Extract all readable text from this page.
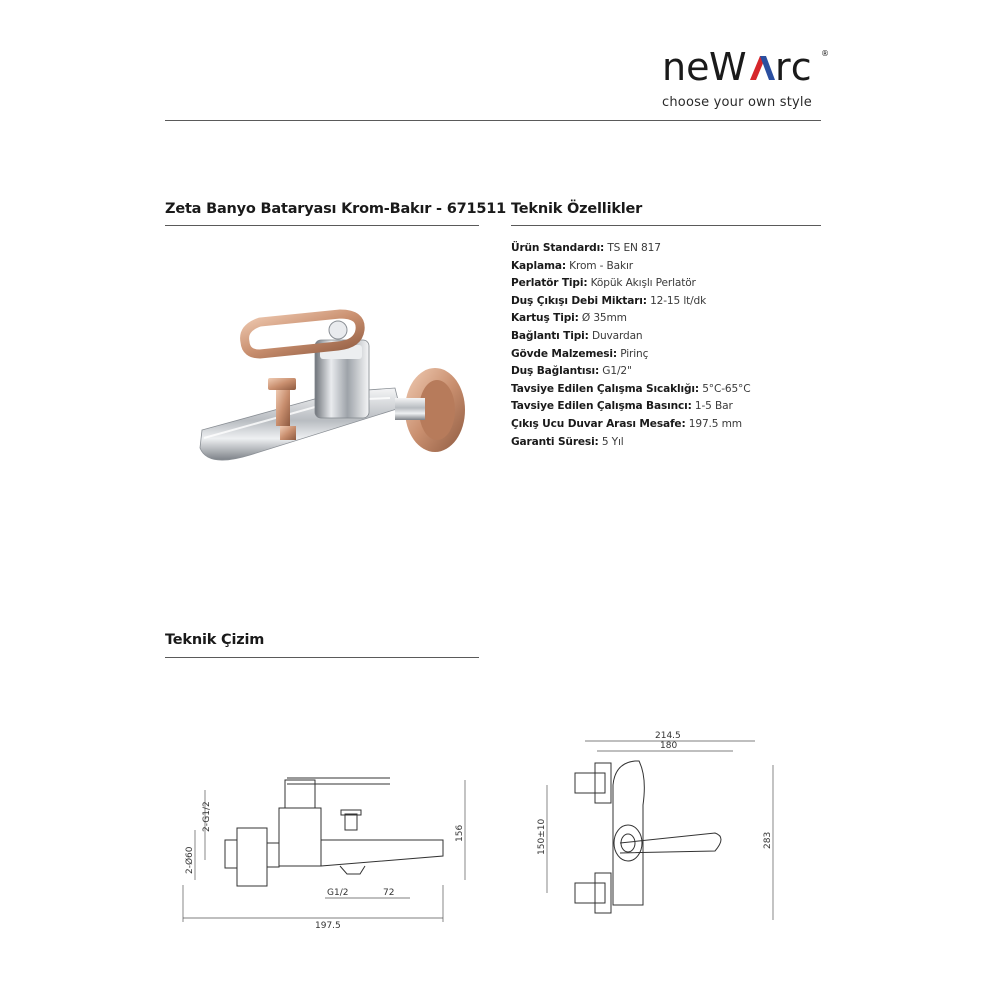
ne W rc ®
choose your own style
Zeta Banyo Bataryası Krom-Bakır - 671511 Teknik Özellikler
Ürün Standardı: TS EN 817
Kaplama: Krom - Bakır
Perlatör Tipi: Köpük Akışlı Perlatör
Duş Çıkışı Debi Miktarı: 12-15 lt/dk
Kartuş Tipi: Ø 35mm
Bağlantı Tipi: Duvardan
Gövde Malzemesi: Pirinç
Duş Bağlantısı: G1/2"
Tavsiye Edilen Çalışma Sıcaklığı: 5°C-65°C
Tavsiye Edilen Çalışma Basıncı: 1-5 Bar
Çıkış Ucu Duvar Arası Mesafe: 197.5 mm
Garanti Süresi: 5 Yıl
Teknik Çizim
2-G1/2
2-Ø60
156
G1/2	72
197.5
214.5
180
150±10	283
